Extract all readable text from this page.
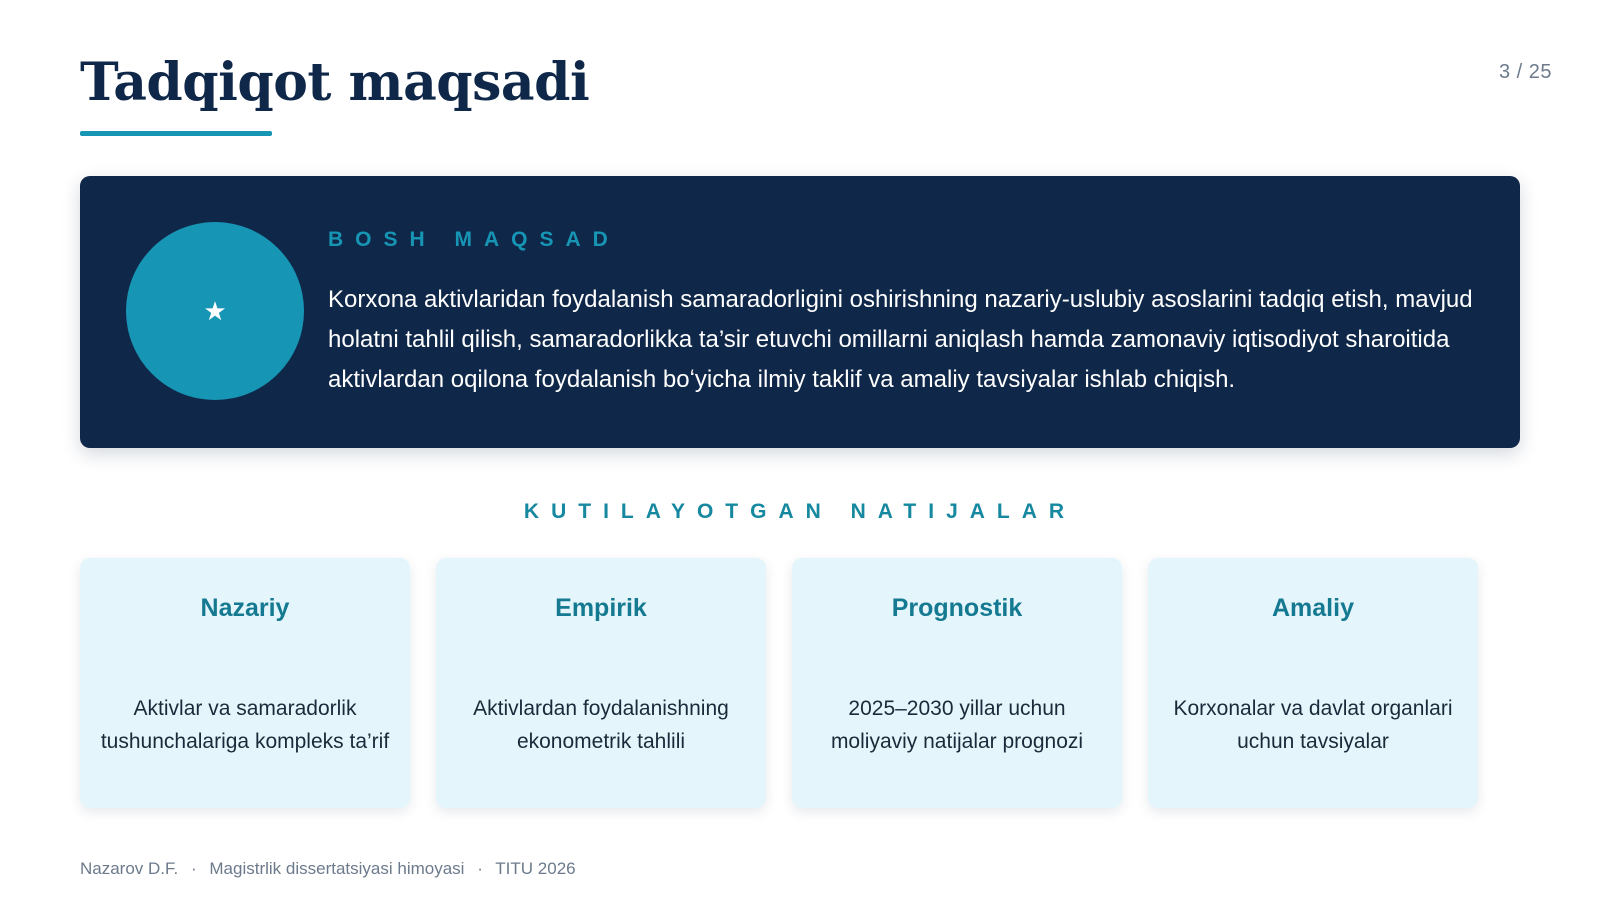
3 / 25
Tadqiqot maqsadi
★
BOSH MAQSAD

Korxona aktivlaridan foydalanish samaradorligini oshirishning nazariy-uslubiy asoslarini tadqiq etish, mavjud holatni tahlil qilish, samaradorlikka ta’sir etuvchi omillarni aniqlash hamda zamonaviy iqtisodiyot sharoitida aktivlardan oqilona foydalanish boʻyicha ilmiy taklif va amaliy tavsiyalar ishlab chiqish.

KUTILAYOTGAN NATIJALAR
Nazariy
Aktivlar va samaradorlik tushunchalariga kompleks ta’rif
Empirik
Aktivlardan foydalanishning ekonometrik tahlili
Prognostik
2025–2030 yillar uchun moliyaviy natijalar prognozi
Amaliy
Korxonalar va davlat organlari uchun tavsiyalar
Nazarov D.F. · Magistrlik dissertatsiyasi himoyasi · TITU 2026
